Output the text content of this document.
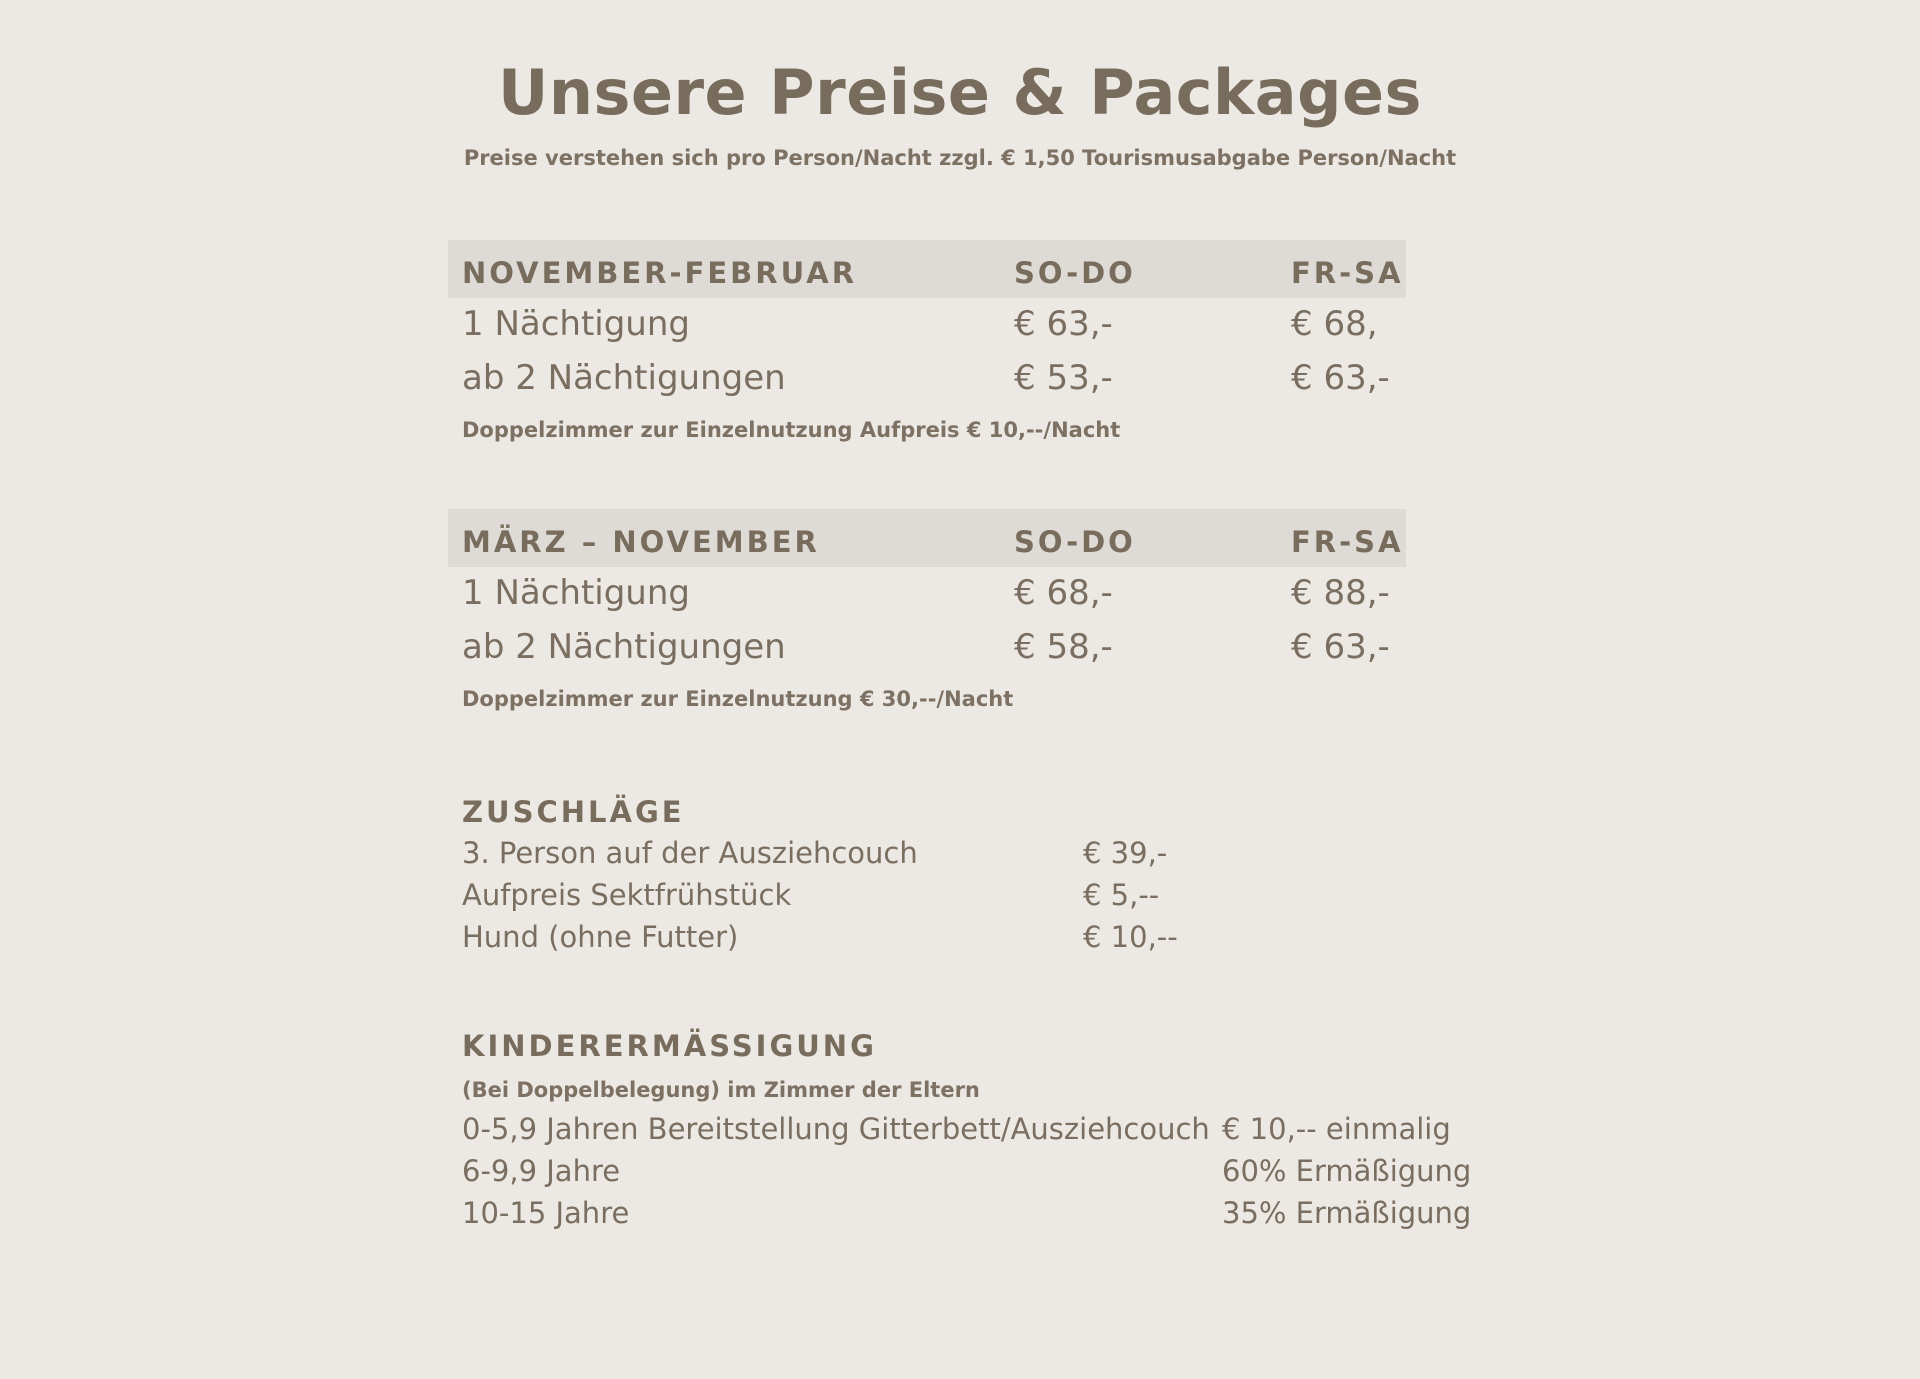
Unsere Preise & Packages
Preise verstehen sich pro Person/Nacht zzgl. € 1,50 Tourismusabgabe Person/Nacht
NOVEMBER-FEBRUAR	SO-DO	FR-SA
1 Nächtigung	€ 63,-	€ 68,
ab 2 Nächtigungen	€ 53,-	€ 63,-
Doppelzimmer zur Einzelnutzung Aufpreis € 10,--/Nacht
MÄRZ – NOVEMBER	SO-DO	FR-SA
1 Nächtigung	€ 68,-	€ 88,-
ab 2 Nächtigungen	€ 58,-	€ 63,-
Doppelzimmer zur Einzelnutzung € 30,--/Nacht
ZUSCHLÄGE
3. Person auf der Ausziehcouch	€ 39,-
Aufpreis Sektfrühstück	€ 5,--
Hund (ohne Futter)	€ 10,--
KINDERERMÄSSIGUNG
(Bei Doppelbelegung) im Zimmer der Eltern
0-5,9 Jahren Bereitstellung Gitterbett/Ausziehcouch € 10,-- einmalig
6-9,9 Jahre	60% Ermäßigung
10-15 Jahre	35% Ermäßigung
